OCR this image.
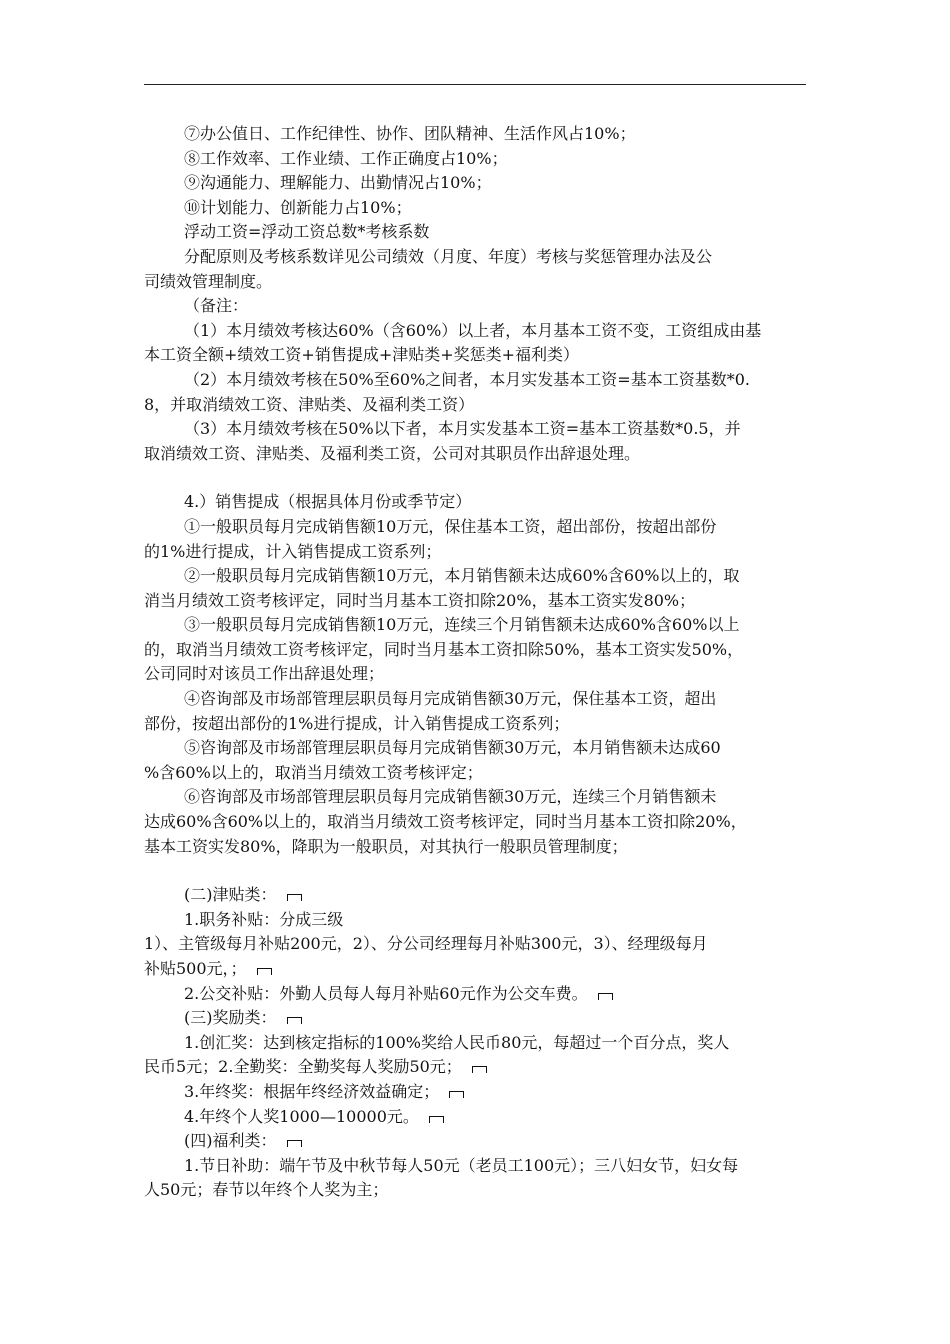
⑦办公值日、工作纪律性、协作、团队精神、生活作风占10%；
⑧工作效率、工作业绩、工作正确度占10%；
⑨沟通能力、理解能力、出勤情况占10%；
⑩计划能力、创新能力占10%；
浮动工资=浮动工资总数*考核系数
分配原则及考核系数详见公司绩效（月度、年度）考核与奖惩管理办法及公
司绩效管理制度。
（备注：
（1）本月绩效考核达60%（含60%）以上者，本月基本工资不变，工资组成由基
本工资全额+绩效工资+销售提成+津贴类+奖惩类+福利类）
（2）本月绩效考核在50%至60%之间者，本月实发基本工资=基本工资基数*0.
8，并取消绩效工资、津贴类、及福利类工资）
（3）本月绩效考核在50%以下者，本月实发基本工资=基本工资基数*0.5，并
取消绩效工资、津贴类、及福利类工资，公司对其职员作出辞退处理。
4.）销售提成（根据具体月份或季节定）
①一般职员每月完成销售额10万元，保住基本工资，超出部份，按超出部份
的1%进行提成，计入销售提成工资系列；
②一般职员每月完成销售额10万元，本月销售额未达成60%含60%以上的，取
消当月绩效工资考核评定，同时当月基本工资扣除20%，基本工资实发80%；
③一般职员每月完成销售额10万元，连续三个月销售额未达成60%含60%以上
的，取消当月绩效工资考核评定，同时当月基本工资扣除50%，基本工资实发50%，
公司同时对该员工作出辞退处理；
④咨询部及市场部管理层职员每月完成销售额30万元，保住基本工资，超出
部份，按超出部份的1%进行提成，计入销售提成工资系列；
⑤咨询部及市场部管理层职员每月完成销售额30万元，本月销售额未达成60
%含60%以上的，取消当月绩效工资考核评定；
⑥咨询部及市场部管理层职员每月完成销售额30万元，连续三个月销售额未
达成60%含60%以上的，取消当月绩效工资考核评定，同时当月基本工资扣除20%，
基本工资实发80%，降职为一般职员，对其执行一般职员管理制度；
(二)津贴类：
1.职务补贴：分成三级
1）、主管级每月补贴200元，2）、分公司经理每月补贴300元，3）、经理级每月
补贴500元，；
2.公交补贴：外勤人员每人每月补贴60元作为公交车费。
(三)奖励类：
1.创汇奖：达到核定指标的100%奖给人民币80元，每超过一个百分点，奖人
民币5元；2.全勤奖：全勤奖每人奖励50元；
3.年终奖：根据年终经济效益确定；
4.年终个人奖1000—10000元。
(四)福利类：
1.节日补助：端午节及中秋节每人50元（老员工100元）；三八妇女节，妇女每
人50元；春节以年终个人奖为主；
